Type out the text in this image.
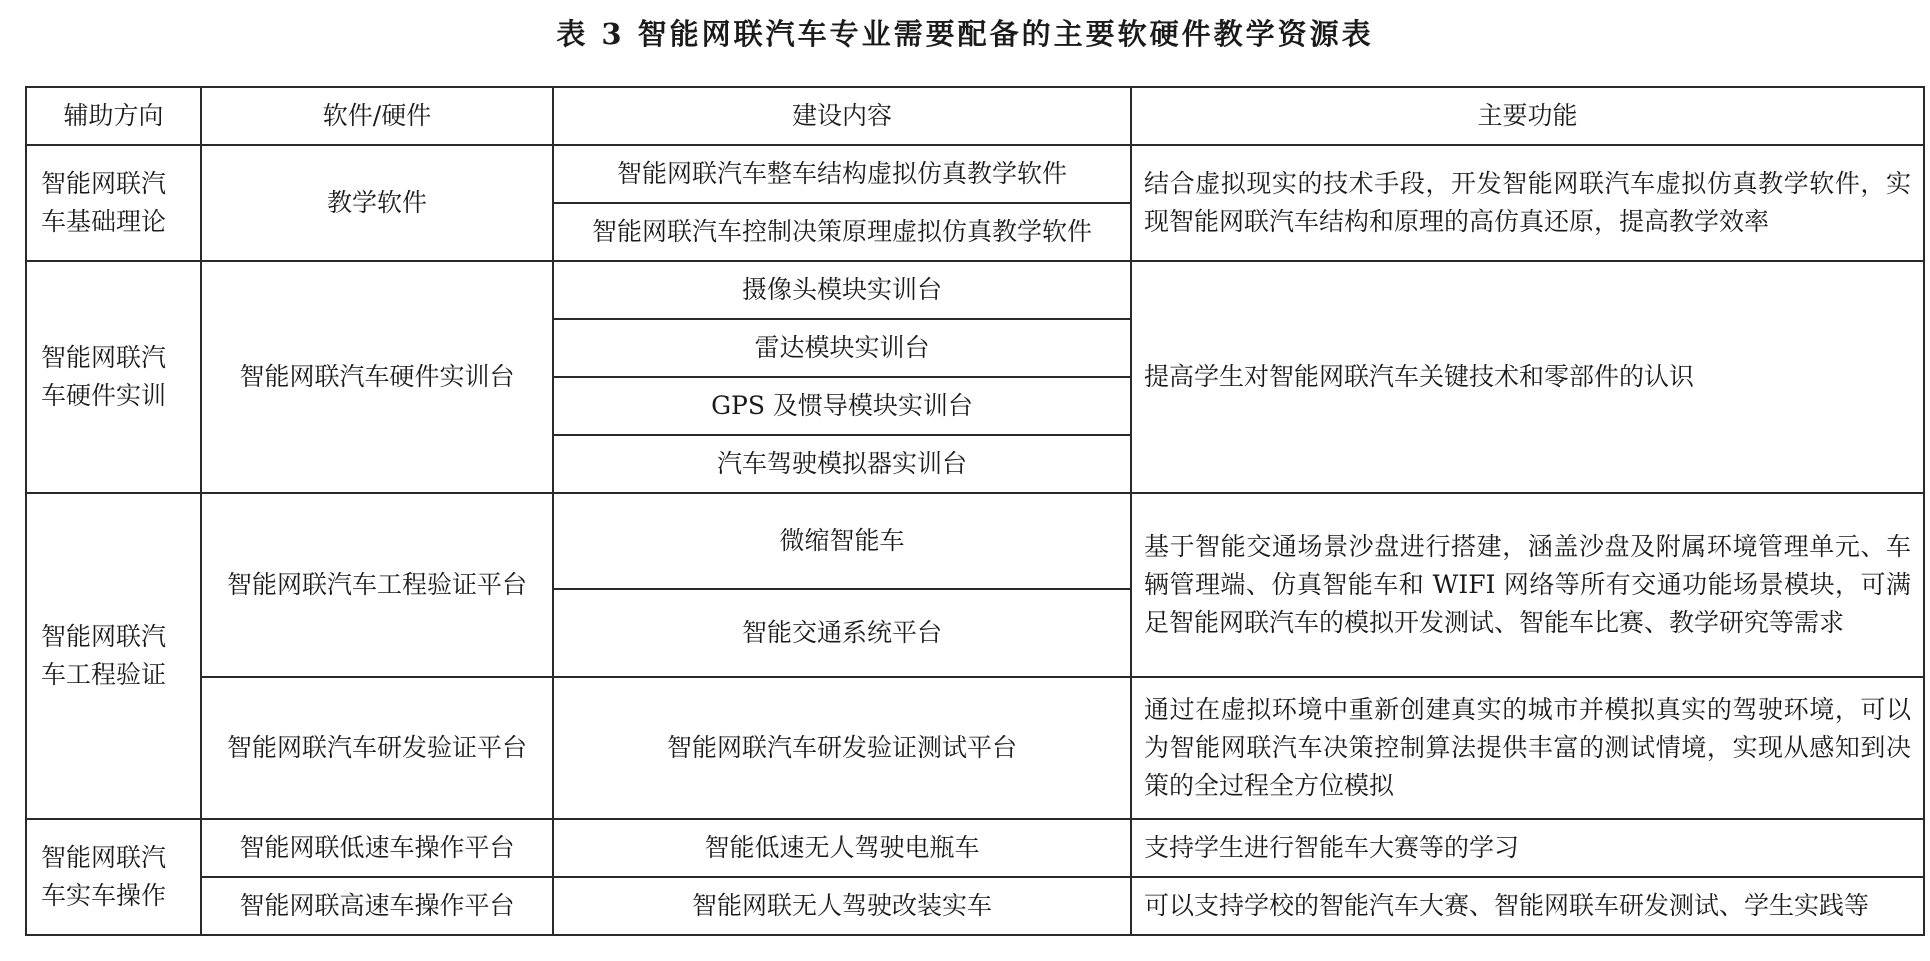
表 3 智能网联汽车专业需要配备的主要软硬件教学资源表
辅助方向	软件/硬件	建设内容	主要功能
智能网联汽车基础理论	教学软件	智能网联汽车整车结构虚拟仿真教学软件	结合虚拟现实的技术手段，开发智能网联汽车虚拟仿真教学软件，实现智能网联汽车结构和原理的高仿真还原，提高教学效率
		智能网联汽车控制决策原理虚拟仿真教学软件	
智能网联汽车硬件实训	智能网联汽车硬件实训台	摄像头模块实训台	提高学生对智能网联汽车关键技术和零部件的认识
		雷达模块实训台	
		GPS 及惯导模块实训台	
		汽车驾驶模拟器实训台	
智能网联汽车工程验证	智能网联汽车工程验证平台	微缩智能车	基于智能交通场景沙盘进行搭建，涵盖沙盘及附属环境管理单元、车辆管理端、仿真智能车和 WIFI 网络等所有交通功能场景模块，可满足智能网联汽车的模拟开发测试、智能车比赛、教学研究等需求
		智能交通系统平台	
	智能网联汽车研发验证平台	智能网联汽车研发验证测试平台	通过在虚拟环境中重新创建真实的城市并模拟真实的驾驶环境，可以为智能网联汽车决策控制算法提供丰富的测试情境，实现从感知到决策的全过程全方位模拟
智能网联汽车实车操作	智能网联低速车操作平台	智能低速无人驾驶电瓶车	支持学生进行智能车大赛等的学习
	智能网联高速车操作平台	智能网联无人驾驶改装实车	可以支持学校的智能汽车大赛、智能网联车研发测试、学生实践等
